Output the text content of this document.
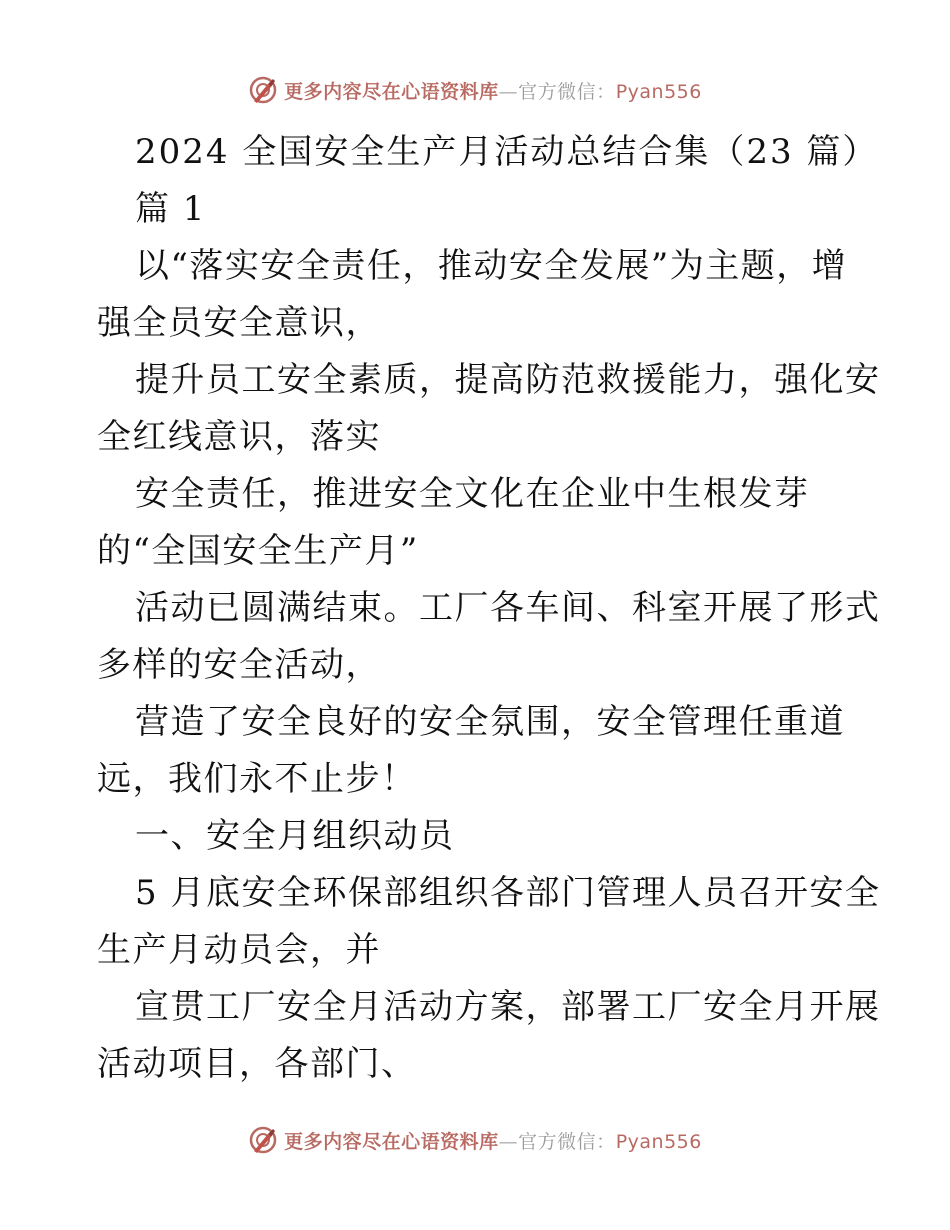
更多内容尽在心语资料库—官方微信：Pyan556
2024 全国安全生产月活动总结合集（23 篇）
篇 1
以“落实安全责任，推动安全发展”为主题，增
强全员安全意识，
提升员工安全素质，提高防范救援能力，强化安
全红线意识，落实
安全责任，推进安全文化在企业中生根发芽
的“全国安全生产月”
活动已圆满结束。工厂各车间、科室开展了形式
多样的安全活动，
营造了安全良好的安全氛围，安全管理任重道
远，我们永不止步！
一、安全月组织动员
5 月底安全环保部组织各部门管理人员召开安全
生产月动员会，并
宣贯工厂安全月活动方案，部署工厂安全月开展
活动项目，各部门、
更多内容尽在心语资料库—官方微信：Pyan556
